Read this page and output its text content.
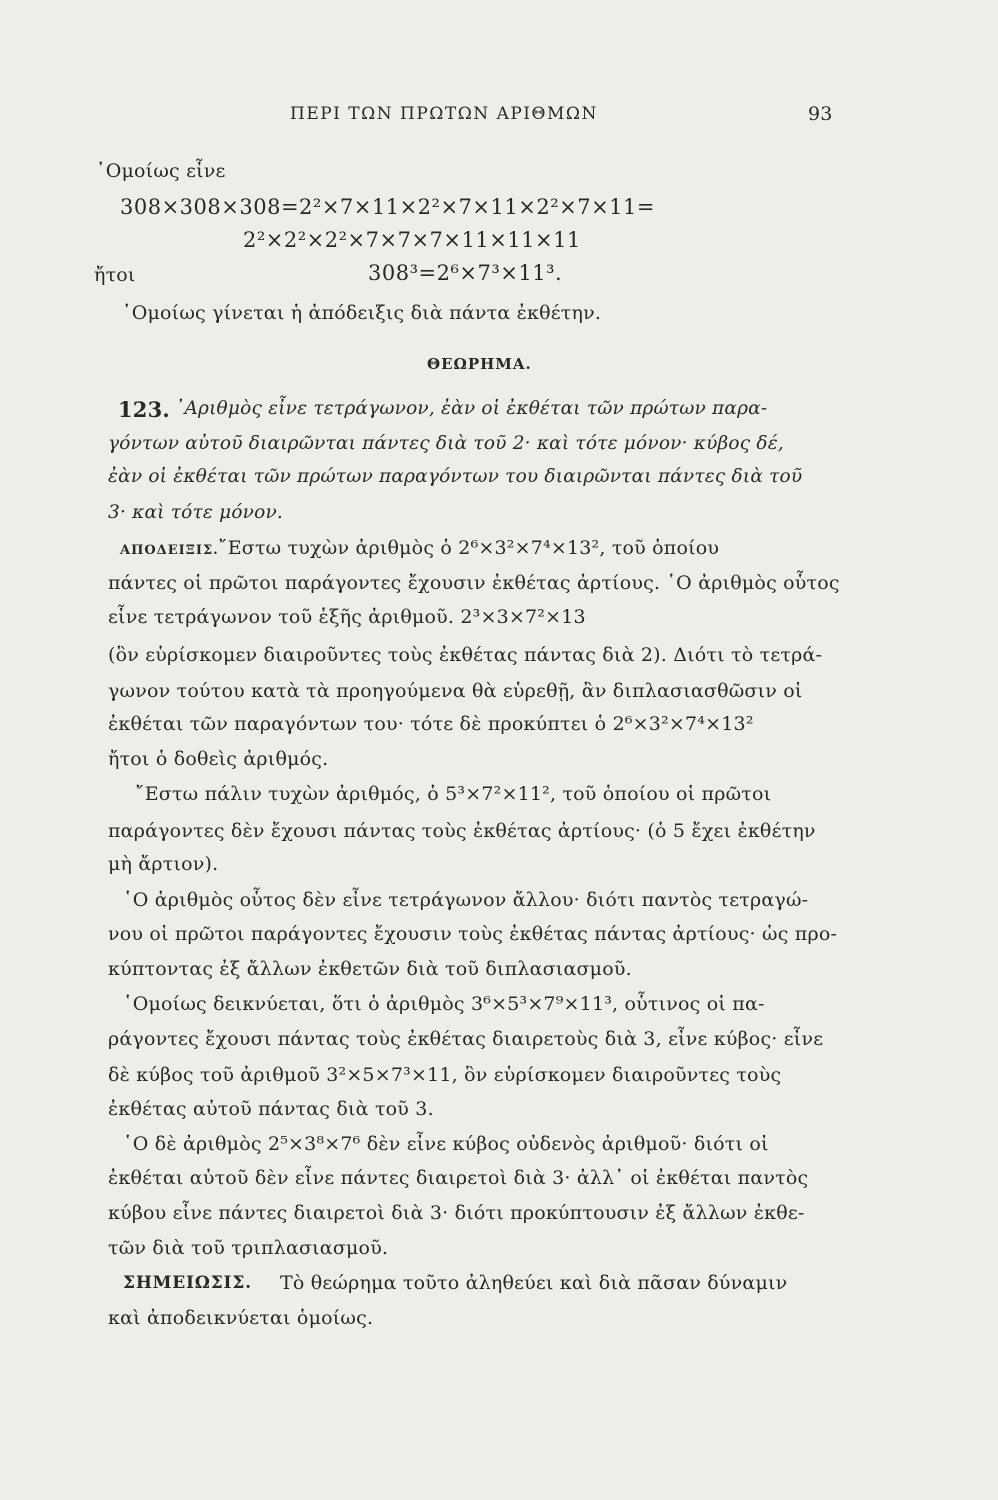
ΠΕΡΙ ΤΩΝ ΠΡΩΤΩΝ ΑΡΙΘΜΩΝ	93
῾Ομοίως εἶνε
308×308×308=2²×7×11×2²×7×11×2²×7×11=
2²×2²×2²×7×7×7×11×11×11
ἤτοι	308³=2⁶×7³×11³.
῾Ομοίως γίνεται ἡ ἀπόδειξις διὰ πάντα ἐκθέτην.
ΘΕΩΡΗΜΑ.
123. ᾿Αριθμὸς εἶνε τετράγωνον, ἐὰν οἱ ἐκθέται τῶν πρώτων παρα-
γόντων αὐτοῦ διαιρῶνται πάντες διὰ τοῦ 2· καὶ τότε μόνον· κύβος δέ,
ἐὰν οἱ ἐκθέται τῶν πρώτων παραγόντων του διαιρῶνται πάντες διὰ τοῦ
3· καὶ τότε μόνον.
ΑΠΟΔΕΙΞΙΣ. ῎Εστω τυχὼν ἀριθμὸς ὁ 2⁶×3²×7⁴×13², τοῦ ὁποίου
πάντες οἱ πρῶτοι παράγοντες ἔχουσιν ἐκθέτας ἀρτίους. ῾Ο ἀριθμὸς οὗτος
εἶνε τετράγωνον τοῦ ἑξῆς ἀριθμοῦ. 2³×3×7²×13
(ὃν εὑρίσκομεν διαιροῦντες τοὺς ἐκθέτας πάντας διὰ 2). Διότι τὸ τετρά-
γωνον τούτου κατὰ τὰ προηγούμενα θὰ εὑρεθῇ, ἂν διπλασιασθῶσιν οἱ
ἐκθέται τῶν παραγόντων του· τότε δὲ προκύπτει ὁ 2⁶×3²×7⁴×13²
ἤτοι ὁ δοθεὶς ἀριθμός.
῎Εστω πάλιν τυχὼν ἀριθμός, ὁ 5³×7²×11², τοῦ ὁποίου οἱ πρῶτοι
παράγοντες δὲν ἔχουσι πάντας τοὺς ἐκθέτας ἀρτίους· (ὁ 5 ἔχει ἐκθέτην
μὴ ἄρτιον).
῾Ο ἀριθμὸς οὗτος δὲν εἶνε τετράγωνον ἄλλου· διότι παντὸς τετραγώ-
νου οἱ πρῶτοι παράγοντες ἔχουσιν τοὺς ἐκθέτας πάντας ἀρτίους· ὡς προ-
κύπτοντας ἐξ ἄλλων ἐκθετῶν διὰ τοῦ διπλασιασμοῦ.
῾Ομοίως δεικνύεται, ὅτι ὁ ἀριθμὸς 3⁶×5³×7⁹×11³, οὗτινος οἱ πα-
ράγοντες ἔχουσι πάντας τοὺς ἐκθέτας διαιρετοὺς διὰ 3, εἶνε κύβος· εἶνε
δὲ κύβος τοῦ ἀριθμοῦ 3²×5×7³×11, ὃν εὑρίσκομεν διαιροῦντες τοὺς
ἐκθέτας αὐτοῦ πάντας διὰ τοῦ 3.
῾Ο δὲ ἀριθμὸς 2⁵×3⁸×7⁶ δὲν εἶνε κύβος οὐδενὸς ἀριθμοῦ· διότι οἱ
ἐκθέται αὐτοῦ δὲν εἶνε πάντες διαιρετοὶ διὰ 3· ἀλλ᾿ οἱ ἐκθέται παντὸς
κύβου εἶνε πάντες διαιρετοὶ διὰ 3· διότι προκύπτουσιν ἐξ ἄλλων ἐκθε-
τῶν διὰ τοῦ τριπλασιασμοῦ.
ΣΗΜΕΙΩΣΙΣ. Τὸ θεώρημα τοῦτο ἀληθεύει καὶ διὰ πᾶσαν δύναμιν
καὶ ἀποδεικνύεται ὁμοίως.
